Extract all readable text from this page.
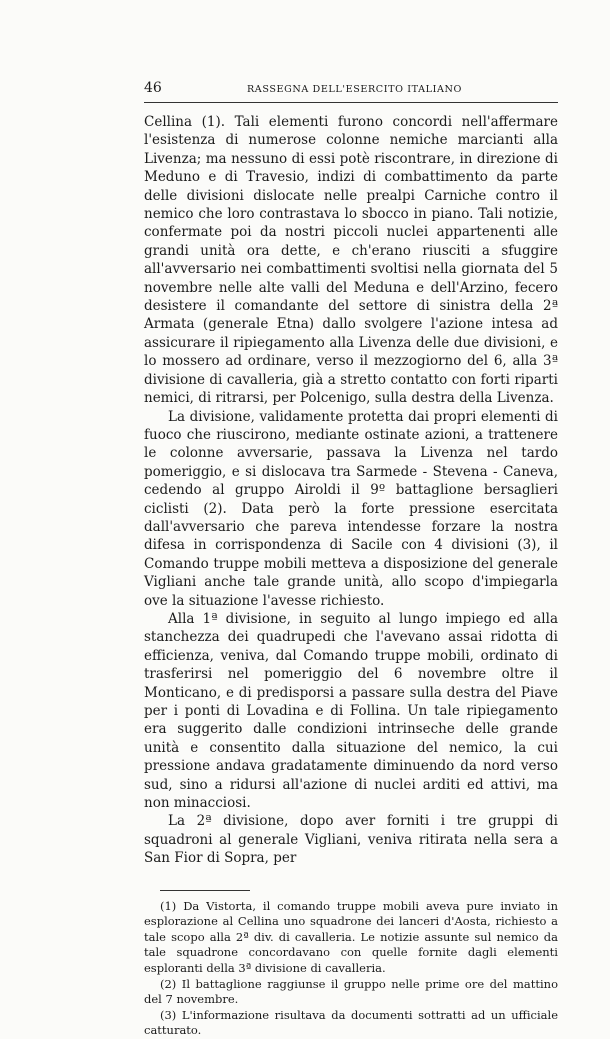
46	RASSEGNA DELL'ESERCITO ITALIANO

Cellina (1). Tali elementi furono concordi nell'affermare l'esistenza di numerose colonne nemiche marcianti alla Livenza; ma nessuno di essi potè riscontrare, in direzione di Meduno e di Travesio, indizi di combattimento da parte delle divisioni dislocate nelle prealpi Carniche contro il nemico che loro contrastava lo sbocco in piano. Tali notizie, confermate poi da nostri piccoli nuclei appartenenti alle grandi unità ora dette, e ch'erano riusciti a sfuggire all'avversario nei combattimenti svoltisi nella giornata del 5 novembre nelle alte valli del Meduna e dell'Arzino, fecero desistere il comandante del settore di sinistra della 2ª Armata (generale Etna) dallo svolgere l'azione intesa ad assicurare il ripiegamento alla Livenza delle due divisioni, e lo mossero ad ordinare, verso il mezzogiorno del 6, alla 3ª divisione di cavalleria, già a stretto contatto con forti riparti nemici, di ritrarsi, per Polcenigo, sulla destra della Livenza.

La divisione, validamente protetta dai propri elementi di fuoco che riuscirono, mediante ostinate azioni, a trattenere le colonne avversarie, passava la Livenza nel tardo pomeriggio, e si dislocava tra Sarmede - Stevena - Caneva, cedendo al gruppo Airoldi il 9º battaglione bersaglieri ciclisti (2). Data però la forte pressione esercitata dall'avversario che pareva intendesse forzare la nostra difesa in corrispondenza di Sacile con 4 divisioni (3), il Comando truppe mobili metteva a disposizione del generale Vigliani anche tale grande unità, allo scopo d'impiegarla ove la situazione l'avesse richiesto.

Alla 1ª divisione, in seguito al lungo impiego ed alla stanchezza dei quadrupedi che l'avevano assai ridotta di efficienza, veniva, dal Comando truppe mobili, ordinato di trasferirsi nel pomeriggio del 6 novembre oltre il Monticano, e di predisporsi a passare sulla destra del Piave per i ponti di Lovadina e di Follina. Un tale ripiegamento era suggerito dalle condizioni intrinseche delle grande unità e consentito dalla situazione del nemico, la cui pressione andava gradatamente diminuendo da nord verso sud, sino a ridursi all'azione di nuclei arditi ed attivi, ma non minacciosi.

La 2ª divisione, dopo aver forniti i tre gruppi di squadroni al generale Vigliani, veniva ritirata nella sera a San Fior di Sopra, per

(1) Da Vistorta, il comando truppe mobili aveva pure inviato in esplorazione al Cellina uno squadrone dei lanceri d'Aosta, richiesto a tale scopo alla 2ª div. di cavalleria. Le notizie assunte sul nemico da tale squadrone concordavano con quelle fornite dagli elementi esploranti della 3ª divisione di cavalleria.

(2) Il battaglione raggiunse il gruppo nelle prime ore del mattino del 7 novembre.

(3) L'informazione risultava da documenti sottratti ad un ufficiale catturato.
